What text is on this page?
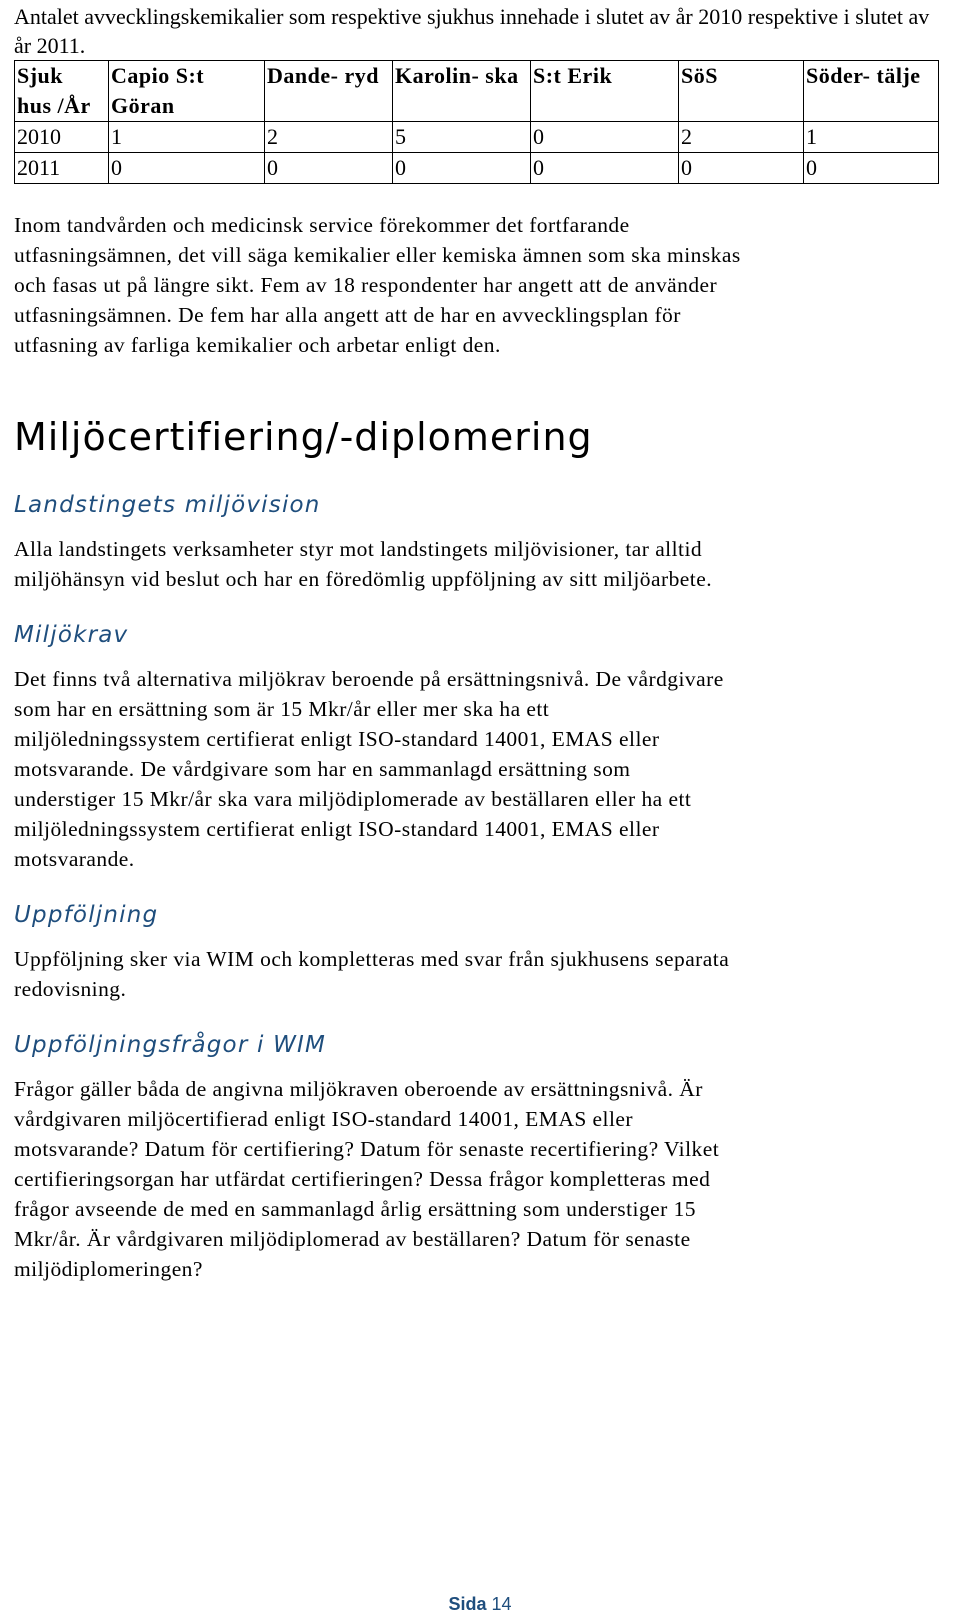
Antalet avvecklingskemikalier som respektive sjukhus innehade i slutet av år 2010 respektive i slutet av år 2011.

Sjuk hus /År	Capio S:t Göran	Dande- ryd	Karolin- ska	S:t Erik	SöS	Söder- tälje
2010	1	2	5	0	2	1
2011	0	0	0	0	0	0

Inom tandvården och medicinsk service förekommer det fortfarande
utfasningsämnen, det vill säga kemikalier eller kemiska ämnen som ska minskas
och fasas ut på längre sikt. Fem av 18 respondenter har angett att de använder
utfasningsämnen. De fem har alla angett att de har en avvecklingsplan för
utfasning av farliga kemikalier och arbetar enligt den.

Miljöcertifiering/-diplomering
Landstingets miljövision

Alla landstingets verksamheter styr mot landstingets miljövisioner, tar alltid
miljöhänsyn vid beslut och har en föredömlig uppföljning av sitt miljöarbete.

Miljökrav

Det finns två alternativa miljökrav beroende på ersättningsnivå. De vårdgivare
som har en ersättning som är 15 Mkr/år eller mer ska ha ett
miljöledningssystem certifierat enligt ISO-standard 14001, EMAS eller
motsvarande. De vårdgivare som har en sammanlagd ersättning som
understiger 15 Mkr/år ska vara miljödiplomerade av beställaren eller ha ett
miljöledningssystem certifierat enligt ISO-standard 14001, EMAS eller
motsvarande.

Uppföljning

Uppföljning sker via WIM och kompletteras med svar från sjukhusens separata
redovisning.

Uppföljningsfrågor i WIM

Frågor gäller båda de angivna miljökraven oberoende av ersättningsnivå. Är
vårdgivaren miljöcertifierad enligt ISO-standard 14001, EMAS eller
motsvarande? Datum för certifiering? Datum för senaste recertifiering? Vilket
certifieringsorgan har utfärdat certifieringen? Dessa frågor kompletteras med
frågor avseende de med en sammanlagd årlig ersättning som understiger 15
Mkr/år. Är vårdgivaren miljödiplomerad av beställaren? Datum för senaste
miljödiplomeringen?

Sida 14
